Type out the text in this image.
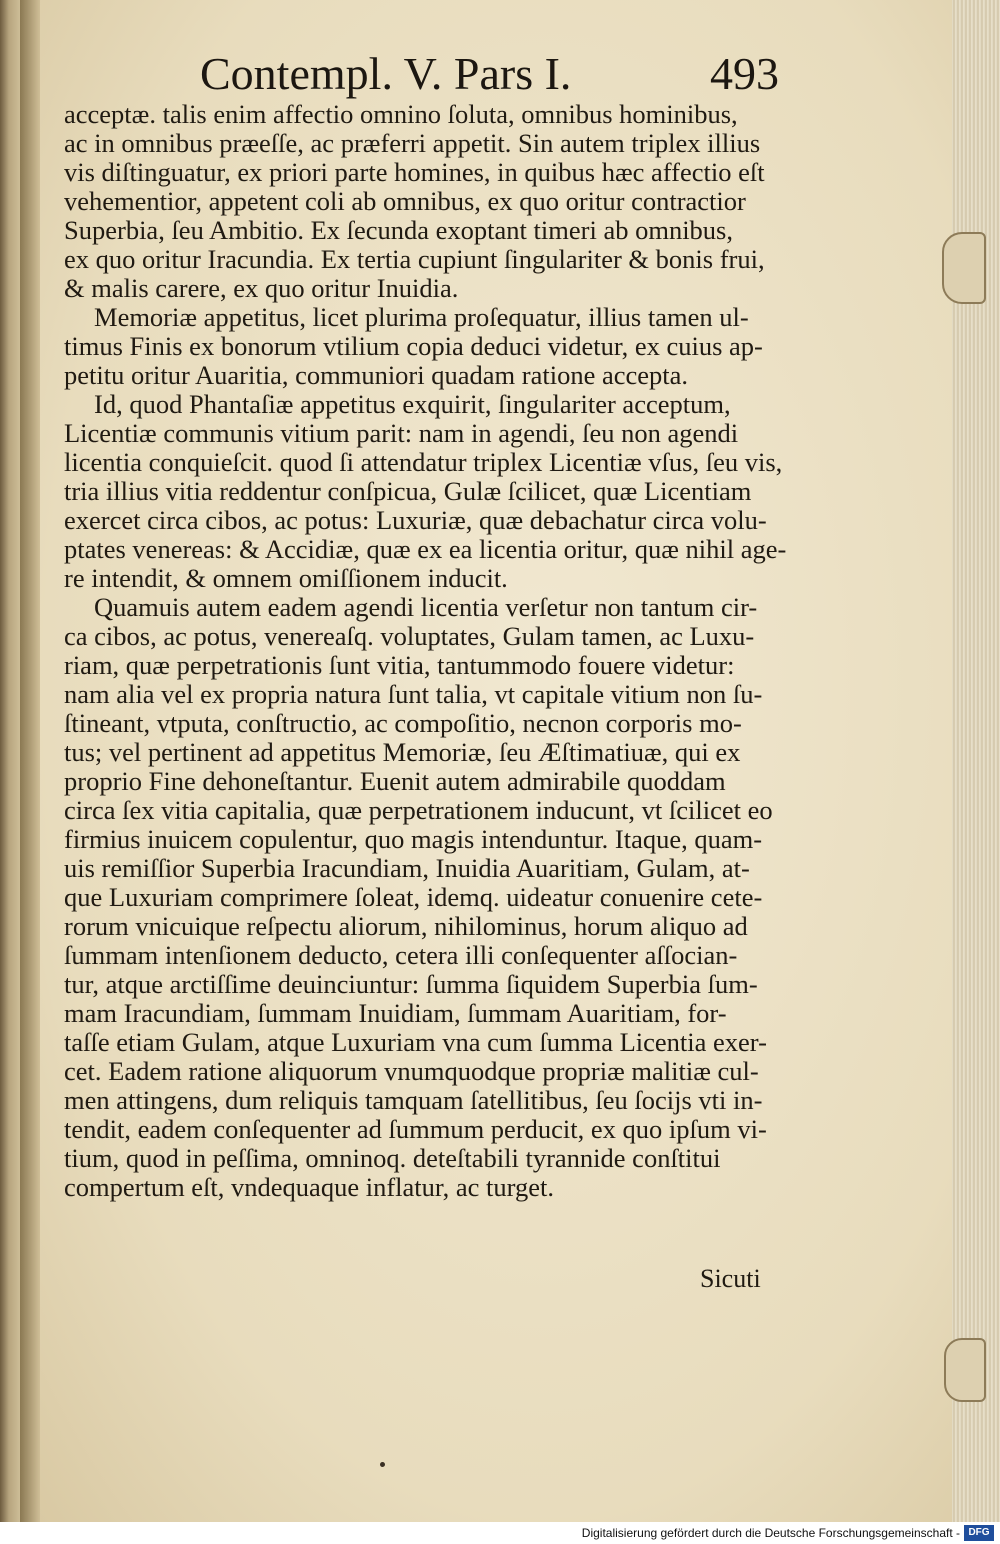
Contempl. V. Pars I.	493
acceptæ. talis enim affectio omnino ſoluta, omnibus hominibus,
ac in omnibus præeſſe, ac præferri appetit. Sin autem triplex illius
vis diſtinguatur, ex priori parte homines, in quibus hæc affectio eſt
vehementior, appetent coli ab omnibus, ex quo oritur contractior
Superbia, ſeu Ambitio. Ex ſecunda exoptant timeri ab omnibus,
ex quo oritur Iracundia. Ex tertia cupiunt ſingulariter & bonis frui,
& malis carere, ex quo oritur Inuidia.
Memoriæ appetitus, licet plurima proſequatur, illius tamen ul-
timus Finis ex bonorum vtilium copia deduci videtur, ex cuius ap-
petitu oritur Auaritia, communiori quadam ratione accepta.
Id, quod Phantaſiæ appetitus exquirit, ſingulariter acceptum,
Licentiæ communis vitium parit: nam in agendi, ſeu non agendi
licentia conquieſcit. quod ſi attendatur triplex Licentiæ vſus, ſeu vis,
tria illius vitia reddentur conſpicua, Gulæ ſcilicet, quæ Licentiam
exercet circa cibos, ac potus: Luxuriæ, quæ debachatur circa volu-
ptates venereas: & Accidiæ, quæ ex ea licentia oritur, quæ nihil age-
re intendit, & omnem omiſſionem inducit.
Quamuis autem eadem agendi licentia verſetur non tantum cir-
ca cibos, ac potus, venereaſq. voluptates, Gulam tamen, ac Luxu-
riam, quæ perpetrationis ſunt vitia, tantummodo fouere videtur:
nam alia vel ex propria natura ſunt talia, vt capitale vitium non ſu-
ſtineant, vtputa, conſtructio, ac compoſitio, necnon corporis mo-
tus; vel pertinent ad appetitus Memoriæ, ſeu Æſtimatiuæ, qui ex
proprio Fine dehoneſtantur. Euenit autem admirabile quoddam
circa ſex vitia capitalia, quæ perpetrationem inducunt, vt ſcilicet eo
firmius inuicem copulentur, quo magis intenduntur. Itaque, quam-
uis remiſſior Superbia Iracundiam, Inuidia Auaritiam, Gulam, at-
que Luxuriam comprimere ſoleat, idemq. uideatur conuenire cete-
rorum vnicuique reſpectu aliorum, nihilominus, horum aliquo ad
ſummam intenſionem deducto, cetera illi conſequenter aſſocian-
tur, atque arctiſſime deuinciuntur: ſumma ſiquidem Superbia ſum-
mam Iracundiam, ſummam Inuidiam, ſummam Auaritiam, for-
taſſe etiam Gulam, atque Luxuriam vna cum ſumma Licentia exer-
cet. Eadem ratione aliquorum vnumquodque propriæ malitiæ cul-
men attingens, dum reliquis tamquam ſatellitibus, ſeu ſocijs vti in-
tendit, eadem conſequenter ad ſummum perducit, ex quo ipſum vi-
tium, quod in peſſima, omninoq. deteſtabili tyrannide conſtitui
compertum eſt, vndequaque inflatur, ac turget.
Sicuti
Digitalisierung gefördert durch die Deutsche Forschungsgemeinschaft - DFG
